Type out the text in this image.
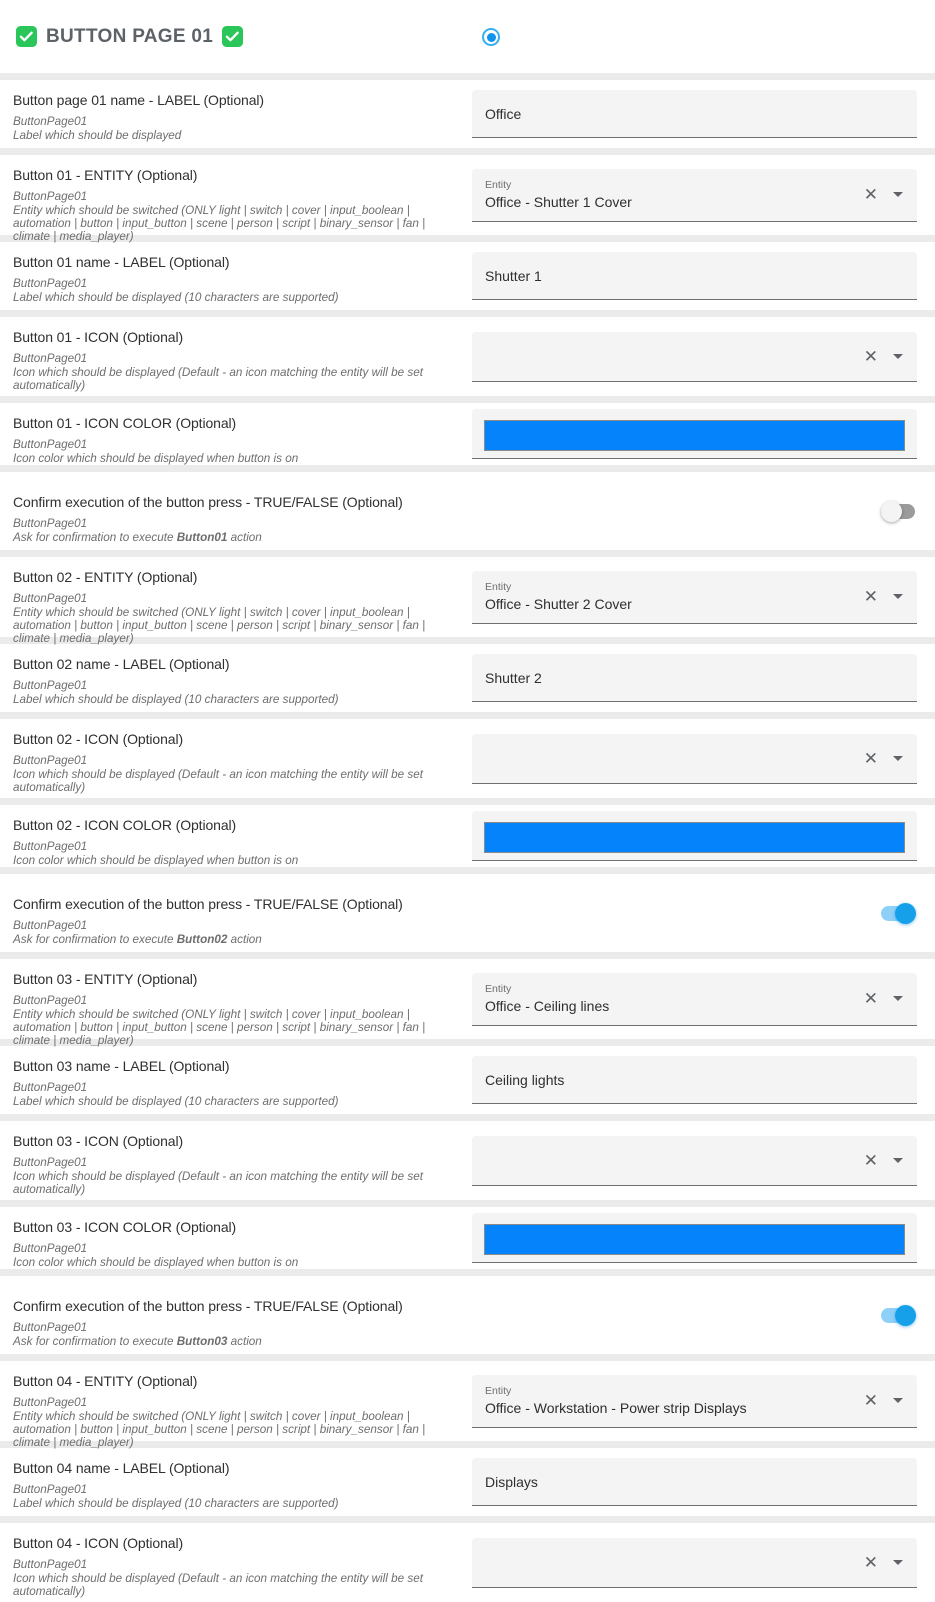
BUTTON PAGE 01
Button page 01 name - LABEL (Optional)
ButtonPage01
Label which should be displayed
Office
Button 01 - ENTITY (Optional)
ButtonPage01
Entity which should be switched (ONLY light | switch | cover | input_boolean | automation | button | input_button | scene | person | script | binary_sensor | fan | climate | media_player)
Entity
Office - Shutter 1 Cover	✕
Button 01 name - LABEL (Optional)
ButtonPage01
Label which should be displayed (10 characters are supported)
Shutter 1
Button 01 - ICON (Optional)
ButtonPage01
Icon which should be displayed (Default - an icon matching the entity will be set automatically)
✕
Button 01 - ICON COLOR (Optional)
ButtonPage01
Icon color which should be displayed when button is on
Confirm execution of the button press - TRUE/FALSE (Optional)
ButtonPage01
Ask for confirmation to execute Button01 action
Button 02 - ENTITY (Optional)
ButtonPage01
Entity which should be switched (ONLY light | switch | cover | input_boolean | automation | button | input_button | scene | person | script | binary_sensor | fan | climate | media_player)
Entity
Office - Shutter 2 Cover	✕
Button 02 name - LABEL (Optional)
ButtonPage01
Label which should be displayed (10 characters are supported)
Shutter 2
Button 02 - ICON (Optional)
ButtonPage01
Icon which should be displayed (Default - an icon matching the entity will be set automatically)
✕
Button 02 - ICON COLOR (Optional)
ButtonPage01
Icon color which should be displayed when button is on
Confirm execution of the button press - TRUE/FALSE (Optional)
ButtonPage01
Ask for confirmation to execute Button02 action
Button 03 - ENTITY (Optional)
ButtonPage01
Entity which should be switched (ONLY light | switch | cover | input_boolean | automation | button | input_button | scene | person | script | binary_sensor | fan | climate | media_player)
Entity
Office - Ceiling lines	✕
Button 03 name - LABEL (Optional)
ButtonPage01
Label which should be displayed (10 characters are supported)
Ceiling lights
Button 03 - ICON (Optional)
ButtonPage01
Icon which should be displayed (Default - an icon matching the entity will be set automatically)
✕
Button 03 - ICON COLOR (Optional)
ButtonPage01
Icon color which should be displayed when button is on
Confirm execution of the button press - TRUE/FALSE (Optional)
ButtonPage01
Ask for confirmation to execute Button03 action
Button 04 - ENTITY (Optional)
ButtonPage01
Entity which should be switched (ONLY light | switch | cover | input_boolean | automation | button | input_button | scene | person | script | binary_sensor | fan | climate | media_player)
Entity
Office - Workstation - Power strip Displays	✕
Button 04 name - LABEL (Optional)
ButtonPage01
Label which should be displayed (10 characters are supported)
Displays
Button 04 - ICON (Optional)
ButtonPage01
Icon which should be displayed (Default - an icon matching the entity will be set automatically)
✕
